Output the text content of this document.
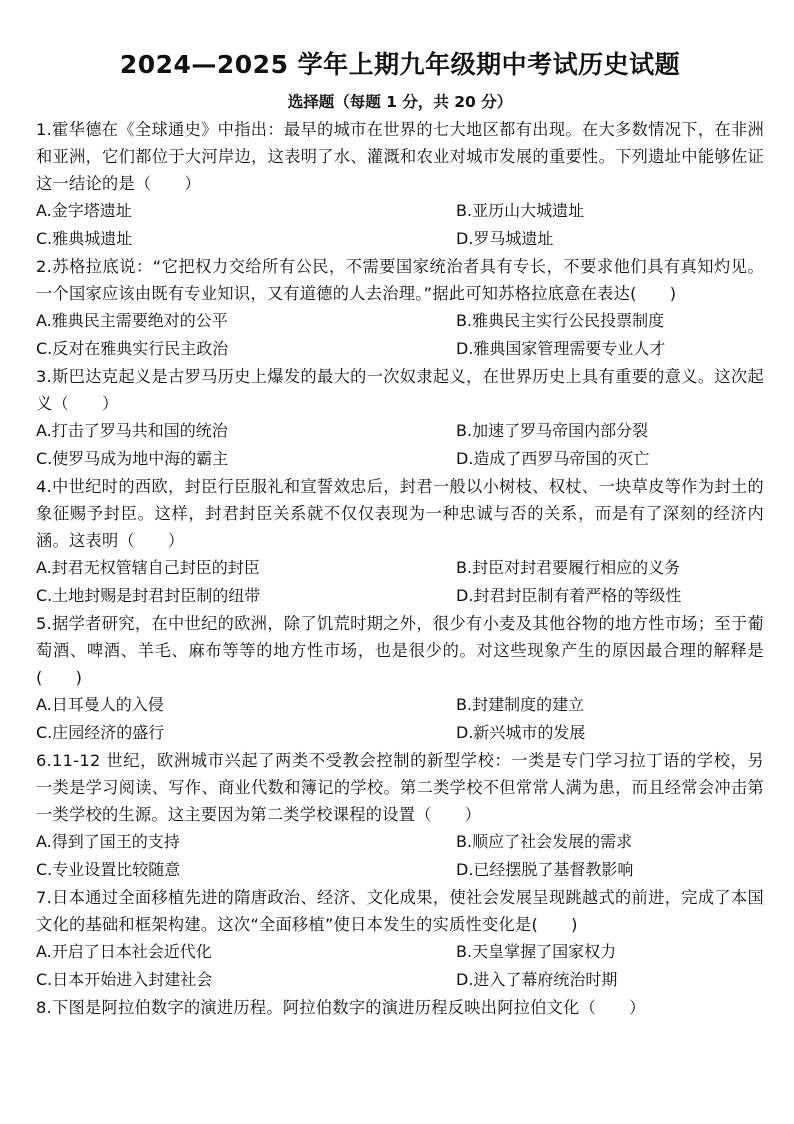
2024—2025 学年上期九年级期中考试历史试题
选择题（每题 1 分，共 20 分）

1.霍华德在《全球通史》中指出：最早的城市在世界的七大地区都有出现。在大多数情况下，在非洲和亚洲，它们都位于大河岸边，这表明了水、灌溉和农业对城市发展的重要性。下列遗址中能够佐证这一结论的是（　　）

A.金字塔遗址	B.亚历山大城遗址
C.雅典城遗址	D.罗马城遗址

2.苏格拉底说：“它把权力交给所有公民，不需要国家统治者具有专长，不要求他们具有真知灼见。一个国家应该由既有专业知识，又有道德的人去治理。”据此可知苏格拉底意在表达(　　)

A.雅典民主需要绝对的公平	B.雅典民主实行公民投票制度
C.反对在雅典实行民主政治	D.雅典国家管理需要专业人才

3.斯巴达克起义是古罗马历史上爆发的最大的一次奴隶起义，在世界历史上具有重要的意义。这次起义（　　）

A.打击了罗马共和国的统治	B.加速了罗马帝国内部分裂
C.使罗马成为地中海的霸主	D.造成了西罗马帝国的灭亡

4.中世纪时的西欧，封臣行臣服礼和宣誓效忠后，封君一般以小树枝、权杖、一块草皮等作为封土的象征赐予封臣。这样，封君封臣关系就不仅仅表现为一种忠诚与否的关系，而是有了深刻的经济内涵。这表明（　　）

A.封君无权管辖自己封臣的封臣	B.封臣对封君要履行相应的义务
C.土地封赐是封君封臣制的纽带	D.封君封臣制有着严格的等级性

5.据学者研究，在中世纪的欧洲，除了饥荒时期之外，很少有小麦及其他谷物的地方性市场；至于葡萄酒、啤酒、羊毛、麻布等等的地方性市场，也是很少的。对这些现象产生的原因最合理的解释是(　　)

A.日耳曼人的入侵	B.封建制度的建立
C.庄园经济的盛行	D.新兴城市的发展

6.11-12 世纪，欧洲城市兴起了两类不受教会控制的新型学校：一类是专门学习拉丁语的学校，另一类是学习阅读、写作、商业代数和簿记的学校。第二类学校不但常常人满为患，而且经常会冲击第一类学校的生源。这主要因为第二类学校课程的设置（　　）

A.得到了国王的支持	B.顺应了社会发展的需求
C.专业设置比较随意	D.已经摆脱了基督教影响

7.日本通过全面移植先进的隋唐政治、经济、文化成果，使社会发展呈现跳越式的前进，完成了本国文化的基础和框架构建。这次“全面移植”使日本发生的实质性变化是(　　)

A.开启了日本社会近代化	B.天皇掌握了国家权力
C.日本开始进入封建社会	D.进入了幕府统治时期

8.下图是阿拉伯数字的演进历程。阿拉伯数字的演进历程反映出阿拉伯文化（　　）
